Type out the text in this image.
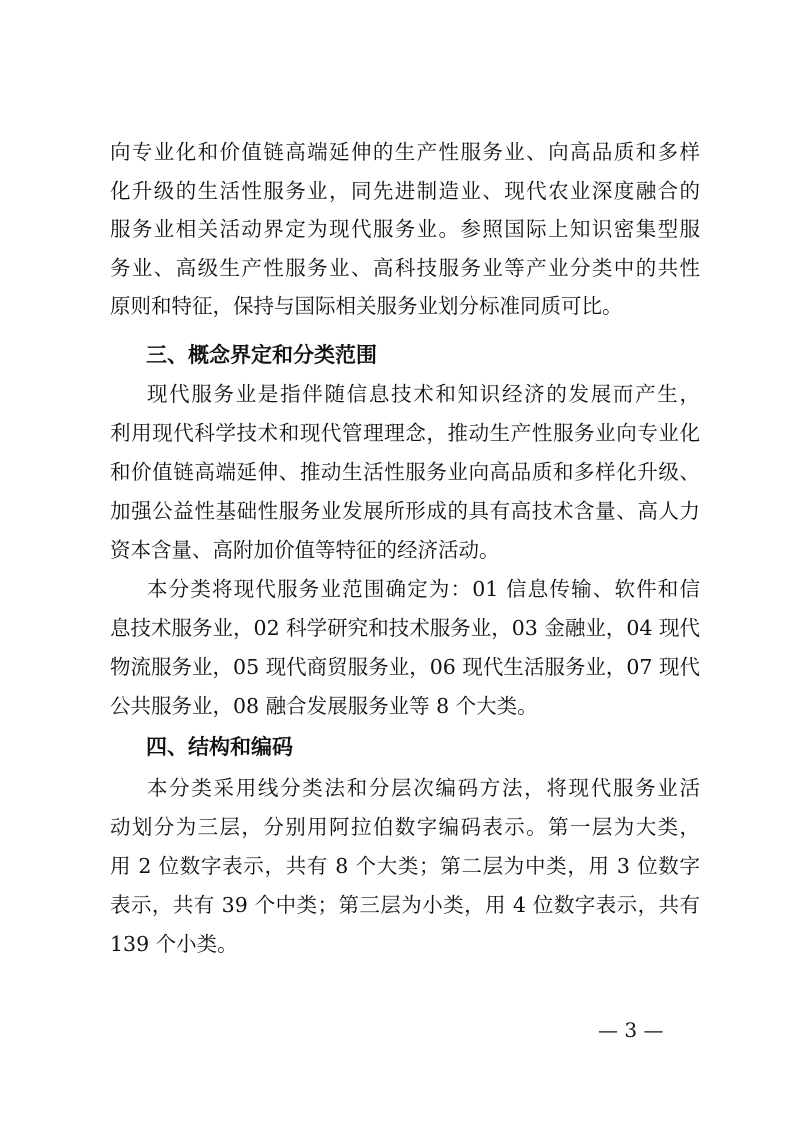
向专业化和价值链高端延伸的生产性服务业、向高品质和多样
化升级的生活性服务业，同先进制造业、现代农业深度融合的
服务业相关活动界定为现代服务业。参照国际上知识密集型服
务业、高级生产性服务业、高科技服务业等产业分类中的共性
原则和特征，保持与国际相关服务业划分标准同质可比。
三、概念界定和分类范围
现代服务业是指伴随信息技术和知识经济的发展而产生，
利用现代科学技术和现代管理理念，推动生产性服务业向专业化
和价值链高端延伸、推动生活性服务业向高品质和多样化升级、
加强公益性基础性服务业发展所形成的具有高技术含量、高人力
资本含量、高附加价值等特征的经济活动。
本分类将现代服务业范围确定为：01 信息传输、软件和信
息技术服务业，02 科学研究和技术服务业，03 金融业，04 现代
物流服务业，05 现代商贸服务业，06 现代生活服务业，07 现代
公共服务业，08 融合发展服务业等 8 个大类。
四、结构和编码
本分类采用线分类法和分层次编码方法，将现代服务业活
动划分为三层，分别用阿拉伯数字编码表示。第一层为大类，
用 2 位数字表示，共有 8 个大类；第二层为中类，用 3 位数字
表示，共有 39 个中类；第三层为小类，用 4 位数字表示，共有
139 个小类。
— 3 —
